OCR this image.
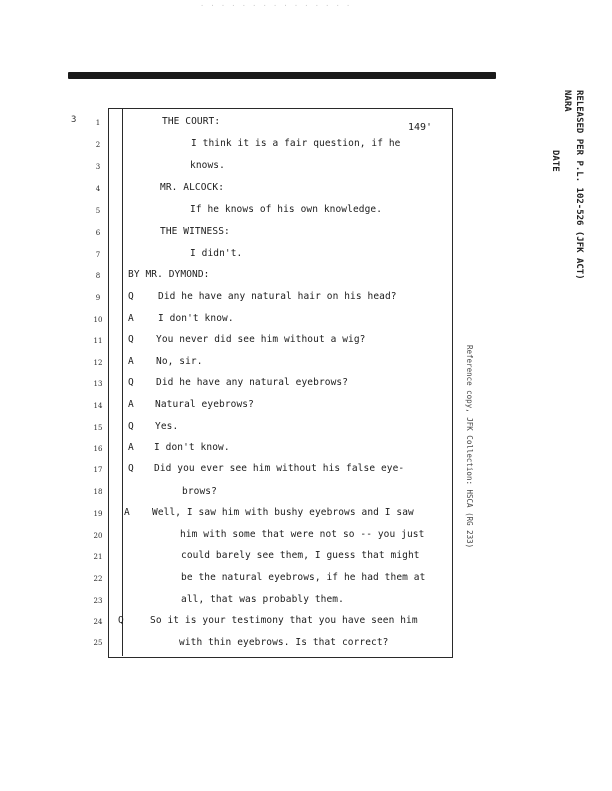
· · · · · · · · · · · · · · ·
3
149'
1
2
3
4
5
6
7
8
9
10
11
12
13
14
15
16
17
18
19
20
21
22
23
24
25
Q
A
Q
A
Q
A
Q
A
Q
A
Q
THE COURT:
I think it is a fair question, if he
knows.
MR. ALCOCK:
If he knows of his own knowledge.
THE WITNESS:
I didn't.
BY MR. DYMOND:
Did he have any natural hair on his head?
I don't know.
You never did see him without a wig?
No, sir.
Did he have any natural eyebrows?
Natural eyebrows?
Yes.
I don't know.
Did you ever see him without his false eye-
brows?
Well, I saw him with bushy eyebrows and I saw
him with some that were not so -- you just
could barely see them, I guess that might
be the natural eyebrows, if he had them at
all, that was probably them.
So it is your testimony that you have seen him
with thin eyebrows. Is that correct?
RELEASED PER P.L. 102-526 (JFK ACT)
NARA
DATE
Reference copy, JFK Collection: HSCA (RG 233)
